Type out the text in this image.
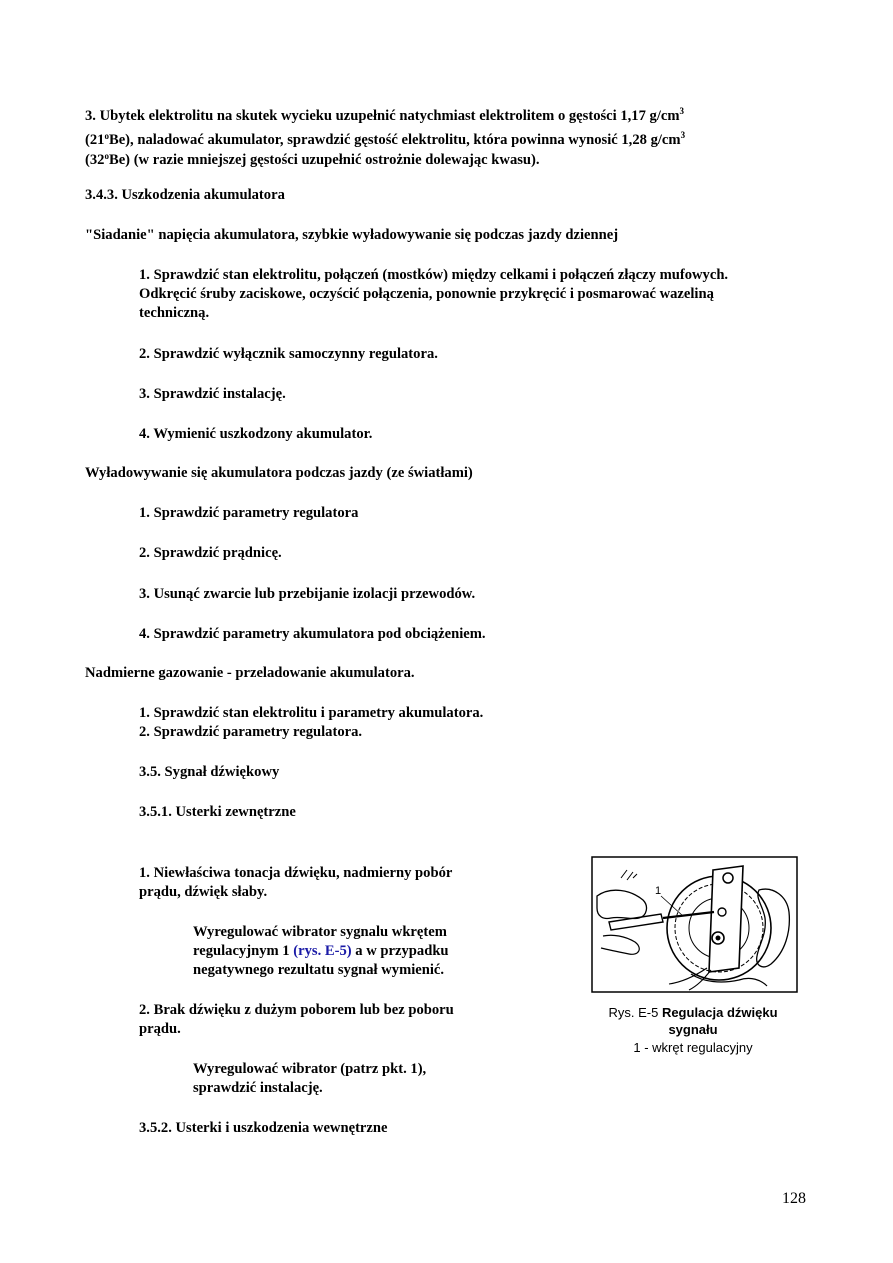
3. Ubytek elektrolitu na skutek wycieku uzupełnić natychmiast elektrolitem o gęstości 1,17 $g/cm^3$
(21$^o$Be), naladować akumulator, sprawdzić gęstość elektrolitu, która powinna wynosić 1,28 $g/cm^3$
(32$^o$Be) (w razie mniejszej gęstości uzupełnić ostrożnie dolewając kwasu).
3.4.3. Uszkodzenia akumulatora
"Siadanie" napięcia akumulatora, szybkie wyładowywanie się podczas jazdy dziennej
1. Sprawdzić stan elektrolitu, połączeń (mostków) między celkami i połączeń złączy mufowych.
Odkręcić śruby zaciskowe, oczyścić połączenia, ponownie przykręcić i posmarować wazeliną
techniczną.
2. Sprawdzić wyłącznik samoczynny regulatora.
3. Sprawdzić instalację.
4. Wymienić uszkodzony akumulator.
Wyładowywanie się akumulatora podczas jazdy (ze światłami)
1. Sprawdzić parametry regulatora
2. Sprawdzić prądnicę.
3. Usunąć zwarcie lub przebijanie izolacji przewodów.
4. Sprawdzić parametry akumulatora pod obciążeniem.
Nadmierne gazowanie - przeladowanie akumulatora.
1. Sprawdzić stan elektrolitu i parametry akumulatora.
2. Sprawdzić parametry regulatora.
3.5. Sygnał dźwiękowy
3.5.1. Usterki zewnętrzne
1. Niewłaściwa tonacja dźwięku, nadmierny pobór
prądu, dźwięk słaby.
Wyregulować wibrator sygnalu wkrętem
regulacyjnym 1 (rys. E-5) a w przypadku
negatywnego rezultatu sygnał wymienić.
2. Brak dźwięku z dużym poborem lub bez poboru
prądu.
Wyregulować wibrator (patrz pkt. 1),
sprawdzić instalację.
3.5.2. Usterki i uszkodzenia wewnętrzne
1
Rys. E-5 Regulacja dźwięku
sygnału
1 - wkręt regulacyjny
128
